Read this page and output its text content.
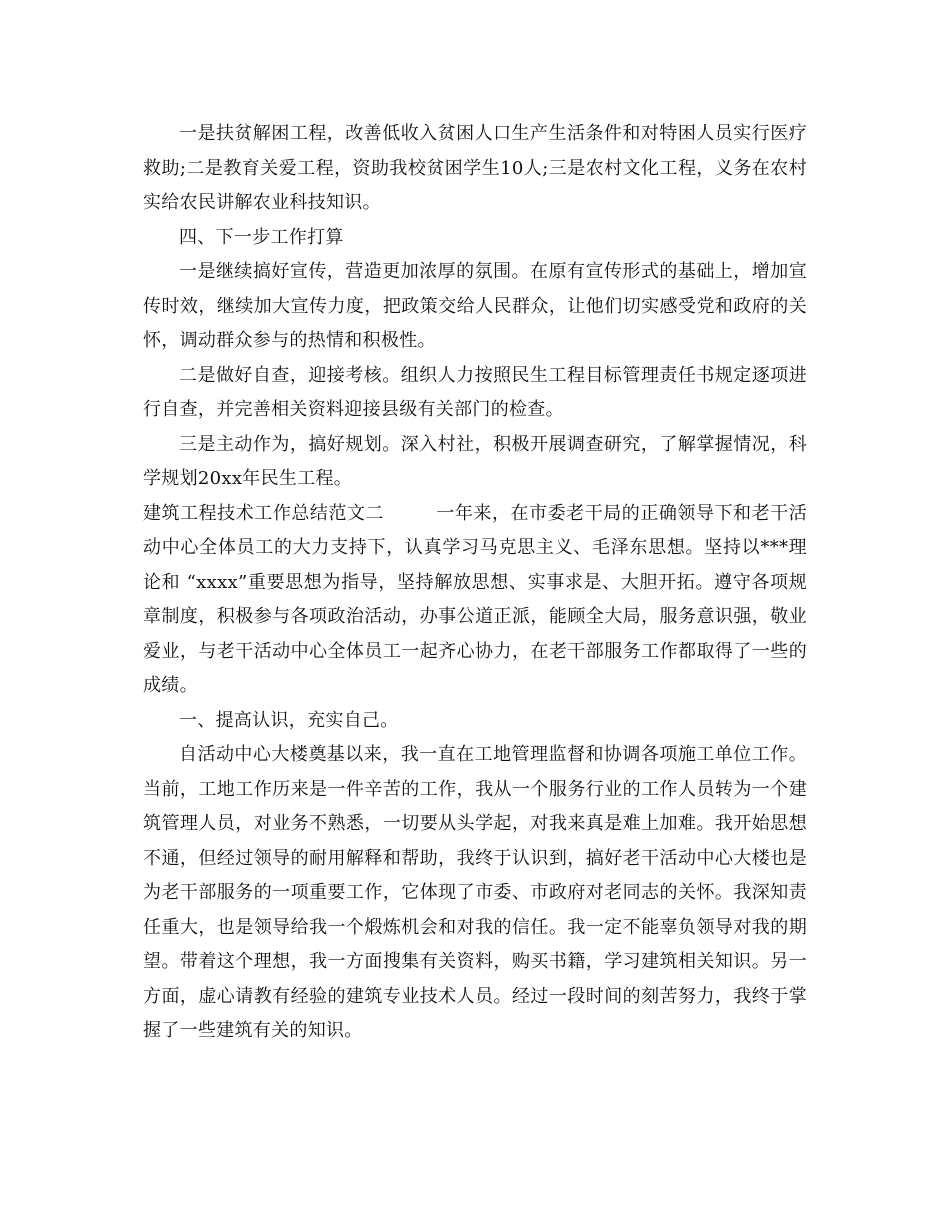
一是扶贫解困工程，改善低收入贫困人口生产生活条件和对特困人员实行医疗救助;二是教育关爱工程，资助我校贫困学生10人;三是农村文化工程，义务在农村实给农民讲解农业科技知识。

四、下一步工作打算

一是继续搞好宣传，营造更加浓厚的氛围。在原有宣传形式的基础上，增加宣传时效，继续加大宣传力度，把政策交给人民群众，让他们切实感受党和政府的关怀，调动群众参与的热情和积极性。

二是做好自查，迎接考核。组织人力按照民生工程目标管理责任书规定逐项进行自查，并完善相关资料迎接县级有关部门的检查。

三是主动作为，搞好规划。深入村社，积极开展调查研究，了解掌握情况，科学规划20xx年民生工程。

建筑工程技术工作总结范文二	一年来，在市委老干局的正确领导下和老干活动中心全体员工的大力支持下，认真学习马克思主义、毛泽东思想。坚持以***理论和 “xxxx”重要思想为指导，坚持解放思想、实事求是、大胆开拓。遵守各项规章制度，积极参与各项政治活动，办事公道正派，能顾全大局，服务意识强，敬业爱业，与老干活动中心全体员工一起齐心协力，在老干部服务工作都取得了一些的成绩。

一、提高认识，充实自己。

自活动中心大楼奠基以来，我一直在工地管理监督和协调各项施工单位工作。当前，工地工作历来是一件辛苦的工作，我从一个服务行业的工作人员转为一个建筑管理人员，对业务不熟悉，一切要从头学起，对我来真是难上加难。我开始思想不通，但经过领导的耐用解释和帮助，我终于认识到，搞好老干活动中心大楼也是为老干部服务的一项重要工作，它体现了市委、市政府对老同志的关怀。我深知责任重大，也是领导给我一个煅炼机会和对我的信任。我一定不能辜负领导对我的期望。带着这个理想，我一方面搜集有关资料，购买书籍，学习建筑相关知识。另一方面，虚心请教有经验的建筑专业技术人员。经过一段时间的刻苦努力，我终于掌握了一些建筑有关的知识。
